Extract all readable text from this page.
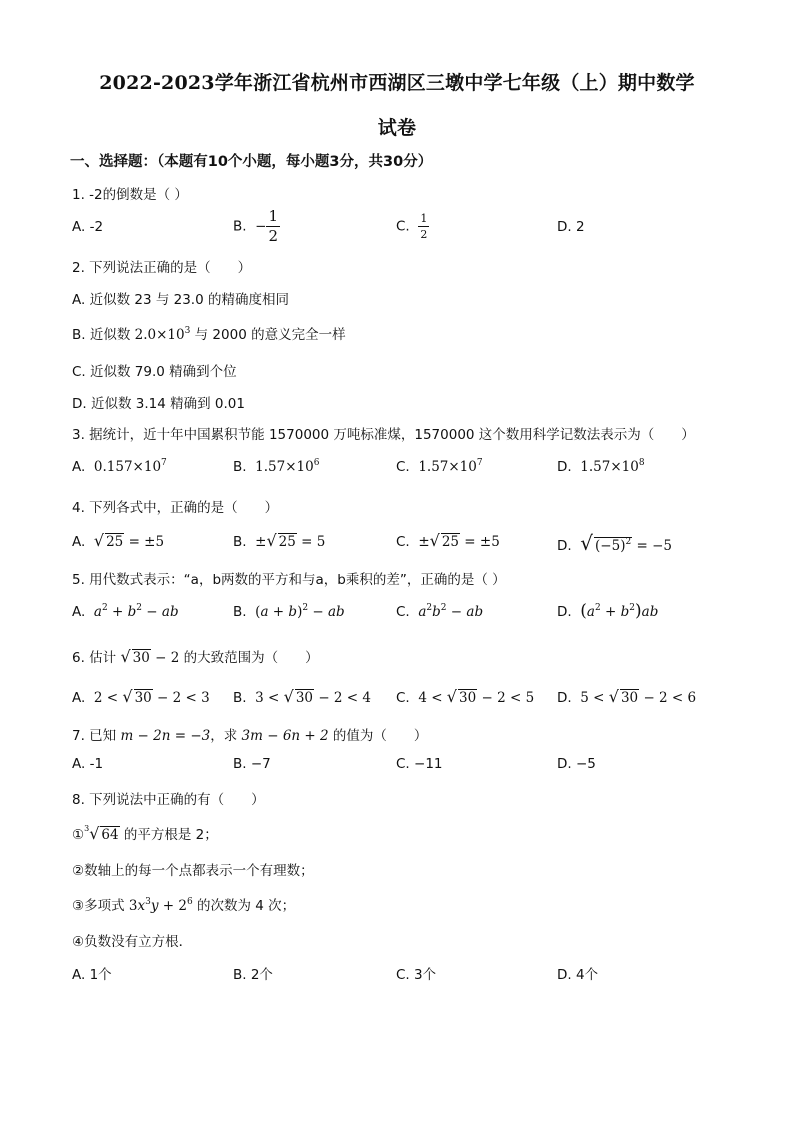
2022-2023学年浙江省杭州市西湖区三墩中学七年级（上）期中数学
试卷
一、选择题：（本题有10个小题，每小题3分，共30分）
1. -2的倒数是（ ）
A. -2	B. − $\frac{1}{2}$	C. $\frac{1}{2}$	D. 2
2. 下列说法正确的是（　　）
A. 近似数 23 与 23.0 的精确度相同
B. 近似数 $2.0\times 10^3$ 与 2000 的意义完全一样
C. 近似数 79.0 精确到个位
D. 近似数 3.14 精确到 0.01
3. 据统计，近十年中国累积节能 1570000 万吨标准煤，1570000 这个数用科学记数法表示为（　　）
A. $0.157\times 10^7$	B. $1.57\times 10^6$	C. $1.57\times 10^7$	D. $1.57\times 10^8$
4. 下列各式中，正确的是（　　）
A. √ 25 = ±5	B. ±√ 25 = 5	C. ±√ 25 = ±5	D. √ $(-5)^2 = -5$
5. 用代数式表示：“a，b两数的平方和与a，b乘积的差”，正确的是（ ）
A. $a^2 + b^2$ − ab	B. $(a + b)^2$ − ab	C. $a^2b^2$ − ab	D. $(a^2 + b^2)ab$
6. 估计 √ 30 − 2 的大致范围为（　　）
A. 2 < √ 30 − 2 < 3 B. 3 < √ 30 − 2 < 4 C. 4 < √ 30 − 2 < 5 D. 5 < √ 30 − 2 < 6
7. 已知 m − 2n = −3，求 3m − 6n + 2 的值为（　　）
A. -1	B. −7	C. −11	D. −5
8. 下列说法中正确的有（　　）
①$^3$√ 64 的平方根是 2；
②数轴上的每一个点都表示一个有理数；
③多项式 $3x^3y + 2^6$ 的次数为 4 次；
④负数没有立方根．
A. 1个	B. 2个	C. 3个	D. 4个
